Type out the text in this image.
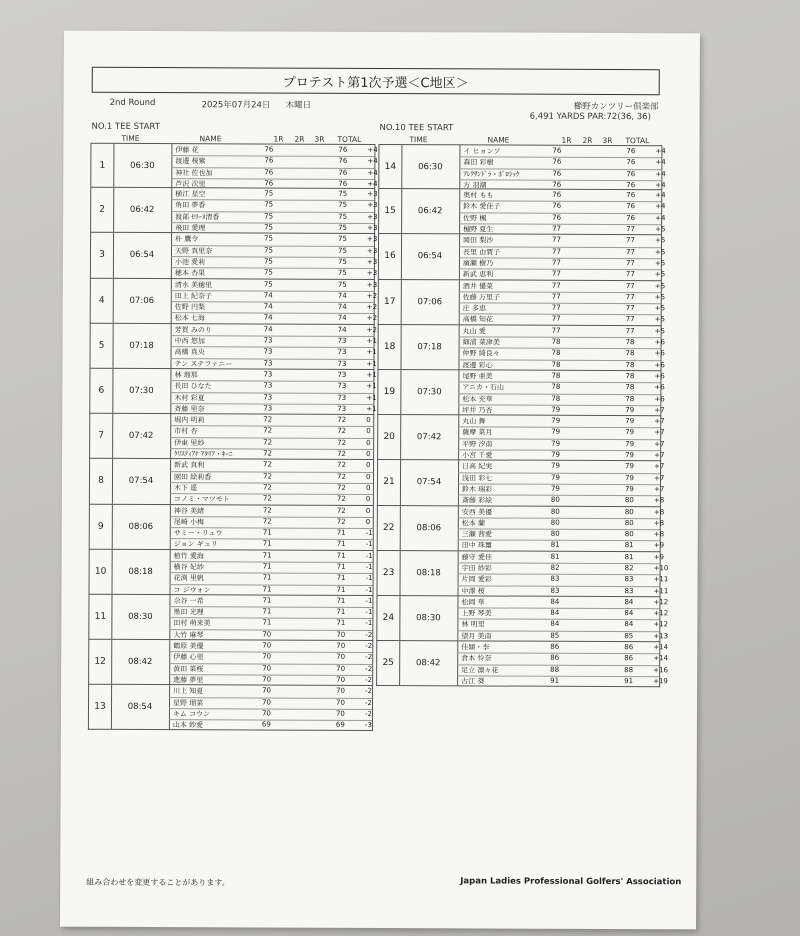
プロテスト第1次予選＜C地区＞
2nd Round	2025年07月24日 木曜日	櫛野カンツリー倶楽部
6,491 YARDS PAR:72(36, 36)
NO.1 TEE START
TIME	NAME	1R 2R 3R TOTAL
NO.10 TEE START
TIME	NAME	1R 2R 3R TOTAL
1	06:30
伊藤 花	76	76	+4
渡邊 桜紫	76	76	+4
神社 佐也加	76	76	+4
芦沢 次里	76	76	+4
2	06:42
横江 星空	75	75	+3
角田 夢香	75	75	+3
渡部 ｾﾘｰﾇ清香	75	75	+3
飛田 愛理	75	75	+3
3	06:54
朴 鷹令	75	75	+3
天野 真里奈	75	75	+3
小池 愛莉	75	75	+3
穂本 杏果	75	75	+3
4	07:06
清水 美穂里	75	75	+3
田上 紀奈子	74	74	+2
佐野 円梨	74	74	+2
松本 七海	74	74	+2
5	07:18
芳賀 みのり	74	74	+2
中西 悠加	73	73	+1
高橋 真央	73	73	+1
テン ステファニー	73	73	+1
6	07:30
林 瑠那	73	73	+1
長田 ひなた	73	73	+1
木村 彩夏	73	73	+1
斉藤 里奈	73	73	+1
7	07:42
堀内 明莉	72	72	0
市村 杏	72	72	0
伊東 里紗	72	72	0
ｸﾘｽﾃｨｱﾅ ｱﾀﾘｱ・ｷｰﾆ	72	72	0
8	07:54
新武 真利	72	72	0
園田 絵莉香	72	72	0
木下 遥	72	72	0
コノミ・マツモト	72	72	0
9	08:06
神谷 美緒	72	72	0
尾崎 小梅	72	72	0
サミー・リュウ	71	71	-1
ジョン ギュリ	71	71	-1
10	08:18
植竹 愛海	71	71	-1
横谷 妃紗	71	71	-1
花渕 里帆	71	71	-1
コ ジウォン	71	71	-1
11	08:30
佘谷 一希	71	71	-1
墨田 光理	71	71	-1
田村 萌来美	71	71	-1
大竹 麻琴	70	70	-2
12	08:42
鶴原 美優	70	70	-2
伊藤 心里	70	70	-2
黄田 菜桜	70	70	-2
進藤 夢里	70	70	-2
13	08:54
川上 知夏	70	70	-2
星野 瑠菜	70	70	-2
キム コウン	70	70	-2
山本 紗愛	69	69	-3
14	06:30
イ ヒョンソ	76	76	+4
森田 彩樹	76	76	+4
ｱﾚｸｻﾝﾄﾞﾗ・ﾎﾞﾛｼｯｸ	76	76	+4
方 羽潮	76	76	+4
15	06:42
奥村 もも	76	76	+4
鈴木 愛佳子	76	76	+4
佐野 楓	76	76	+4
樋野 夏生	77	77	+5
16	06:54
岡田 梨沙	77	77	+5
長里 由賈子	77	77	+5
廣瀬 樹乃	77	77	+5
新武 恵利	77	77	+5
17	07:06
酒井 優菜	77	77	+5
佐藤 万里子	77	77	+5
庄 多恵	77	77	+5
高橋 知花	77	77	+5
18	07:18
丸山 愛	77	77	+5
細浦 菜津美	78	78	+6
仲野 綺良々	78	78	+6
渡邊 彩心	78	78	+6
19	07:30
尾野 亜美	78	78	+6
アニカ・石山	78	78	+6
松本 充華	78	78	+6
坪井 乃杏	79	79	+7
20	07:42
丸山 舞	79	79	+7
薩摩 菜月	79	79	+7
平野 汐南	79	79	+7
小宮 千愛	79	79	+7
21	07:54
日高 紀実	79	79	+7
浅田 彩七	79	79	+7
鈴木 瑞彩	79	79	+7
斎藤 彩絵	80	80	+8
22	08:06
安西 美優	80	80	+8
松本 蘭	80	80	+8
三瀬 茜愛	80	80	+8
田中 珠璽	81	81	+9
23	08:18
藤守 愛佳	81	81	+9
宇田 紗彩	82	82	+10
片岡 愛彩	83	83	+11
中澤 桜	83	83	+11
24	08:30
松岡 華	84	84	+12
上野 琴美	84	84	+12
林 明里	84	84	+12
望月 美南	85	85	+13
25	08:42
佳穎・李	86	86	+14
倉本 怜奈	86	86	+14
足立 凛々花	88	88	+16
古江 葵	91	91	+19
組み合わせを変更することがあります。	Japan Ladies Professional Golfers' Association
